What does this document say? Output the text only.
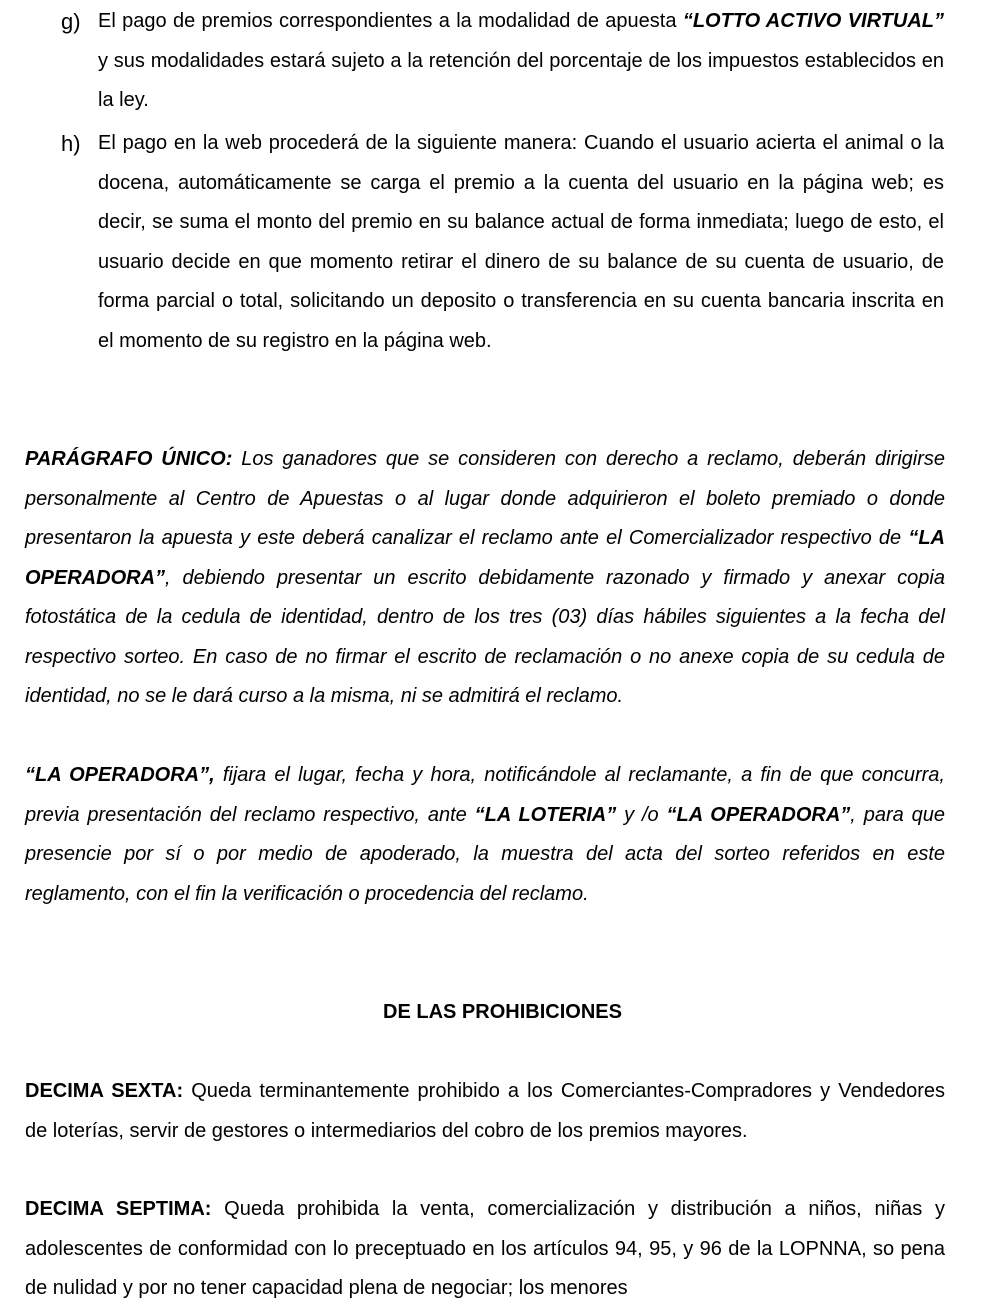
g) El pago de premios correspondientes a la modalidad de apuesta “LOTTO ACTIVO VIRTUAL” y sus modalidades estará sujeto a la retención del porcentaje de los impuestos establecidos en la ley.
h) El pago en la web procederá de la siguiente manera: Cuando el usuario acierta el animal o la docena, automáticamente se carga el premio a la cuenta del usuario en la página web; es decir, se suma el monto del premio en su balance actual de forma inmediata; luego de esto, el usuario decide en que momento retirar el dinero de su balance de su cuenta de usuario, de forma parcial o total, solicitando un deposito o transferencia en su cuenta bancaria inscrita en el momento de su registro en la página web.
PARÁGRAFO ÚNICO: Los ganadores que se consideren con derecho a reclamo, deberán dirigirse personalmente al Centro de Apuestas o al lugar donde adquirieron el boleto premiado o donde presentaron la apuesta y este deberá canalizar el reclamo ante el Comercializador respectivo de “LA OPERADORA”, debiendo presentar un escrito debidamente razonado y firmado y anexar copia fotostática de la cedula de identidad, dentro de los tres (03) días hábiles siguientes a la fecha del respectivo sorteo. En caso de no firmar el escrito de reclamación o no anexe copia de su cedula de identidad, no se le dará curso a la misma, ni se admitirá el reclamo.
“LA OPERADORA”, fijara el lugar, fecha y hora, notificándole al reclamante, a fin de que concurra, previa presentación del reclamo respectivo, ante “LA LOTERIA” y /o “LA OPERADORA”, para que presencie por sí o por medio de apoderado, la muestra del acta del sorteo referidos en este reglamento, con el fin la verificación o procedencia del reclamo.
DE LAS PROHIBICIONES
DECIMA SEXTA: Queda terminantemente prohibido a los Comerciantes-Compradores y Vendedores de loterías, servir de gestores o intermediarios del cobro de los premios mayores.
DECIMA SEPTIMA: Queda prohibida la venta, comercialización y distribución a niños, niñas y adolescentes de conformidad con lo preceptuado en los artículos 94, 95, y 96 de la LOPNNA, so pena de nulidad y por no tener capacidad plena de negociar; los menores
